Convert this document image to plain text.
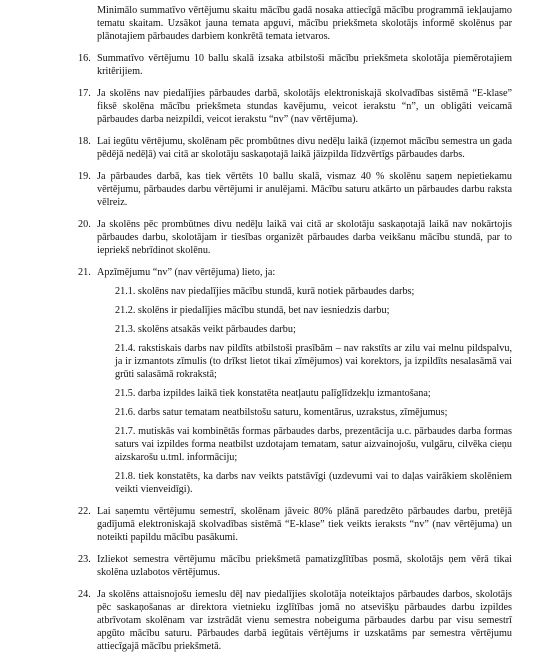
Minimālo summatīvo vērtējumu skaitu mācību gadā nosaka attiecīgā mācību programmā iekļaujamo tematu skaitam. Uzsākot jauna temata apguvi, mācību priekšmeta skolotājs informē skolēnus par plānotajiem pārbaudes darbiem konkrētā temata ietvaros.

16. Summatīvo vērtējumu 10 ballu skalā izsaka atbilstoši mācību priekšmeta skolotāja piemērotajiem kritērijiem.

17. Ja skolēns nav piedalījies pārbaudes darbā, skolotājs elektroniskajā skolvadības sistēmā “E-klase” fiksē skolēna mācību priekšmeta stundas kavējumu, veicot ierakstu “n”, un obligāti veicamā pārbaudes darba neizpildi, veicot ierakstu “nv” (nav vērtējuma).

18. Lai iegūtu vērtējumu, skolēnam pēc prombūtnes divu nedēļu laikā (izņemot mācību semestra un gada pēdējā nedēļā) vai citā ar skolotāju saskaņotajā laikā jāizpilda līdzvērtīgs pārbaudes darbs.

19. Ja pārbaudes darbā, kas tiek vērtēts 10 ballu skalā, vismaz 40 % skolēnu saņem nepietiekamu vērtējumu, pārbaudes darbu vērtējumi ir anulējami. Mācību saturu atkārto un pārbaudes darbu raksta vēlreiz.

20. Ja skolēns pēc prombūtnes divu nedēļu laikā vai citā ar skolotāju saskaņotajā laikā nav nokārtojis pārbaudes darbu, skolotājam ir tiesības organizēt pārbaudes darba veikšanu mācību stundā, par to iepriekš nebrīdinot skolēnu.

21. Apzīmējumu “nv” (nav vērtējuma) lieto, ja:

21.1. skolēns nav piedalījies mācību stundā, kurā notiek pārbaudes darbs;

21.2. skolēns ir piedalījies mācību stundā, bet nav iesniedzis darbu;

21.3. skolēns atsakās veikt pārbaudes darbu;

21.4. rakstiskais darbs nav pildīts atbilstoši prasībām – nav rakstīts ar zilu vai melnu pildspalvu, ja ir izmantots zīmulis (to drīkst lietot tikai zīmējumos) vai korektors, ja izpildīts nesalasāmā vai grūti salasāmā rokrakstā;

21.5. darba izpildes laikā tiek konstatēta neatļautu palīglīdzekļu izmantošana;

21.6. darbs satur tematam neatbilstošu saturu, komentārus, uzrakstus, zīmējumus;

21.7. mutiskās vai kombinētās formas pārbaudes darbs, prezentācija u.c. pārbaudes darba formas saturs vai izpildes forma neatbilst uzdotajam tematam, satur aizvainojošu, vulgāru, cilvēka cieņu aizskarošu u.tml. informāciju;

21.8. tiek konstatēts, ka darbs nav veikts patstāvīgi (uzdevumi vai to daļas vairākiem skolēniem veikti vienveidīgi).

22. Lai saņemtu vērtējumu semestrī, skolēnam jāveic 80% plānā paredzēto pārbaudes darbu, pretējā gadījumā elektroniskajā skolvadības sistēmā “E-klase” tiek veikts ieraksts “nv” (nav vērtējuma) un noteikti papildu mācību pasākumi.

23. Izliekot semestra vērtējumu mācību priekšmetā pamatizglītības posmā, skolotājs ņem vērā tikai skolēna uzlabotos vērtējumus.

24. Ja skolēns attaisnojošu iemeslu dēļ nav piedalījies skolotāja noteiktajos pārbaudes darbos, skolotājs pēc saskaņošanas ar direktora vietnieku izglītības jomā no atsevišķu pārbaudes darbu izpildes atbrīvotam skolēnam var izstrādāt vienu semestra nobeiguma pārbaudes darbu par visu semestrī apgūto mācību saturu. Pārbaudes darbā iegūtais vērtējums ir uzskatāms par semestra vērtējumu attiecīgajā mācību priekšmetā.
